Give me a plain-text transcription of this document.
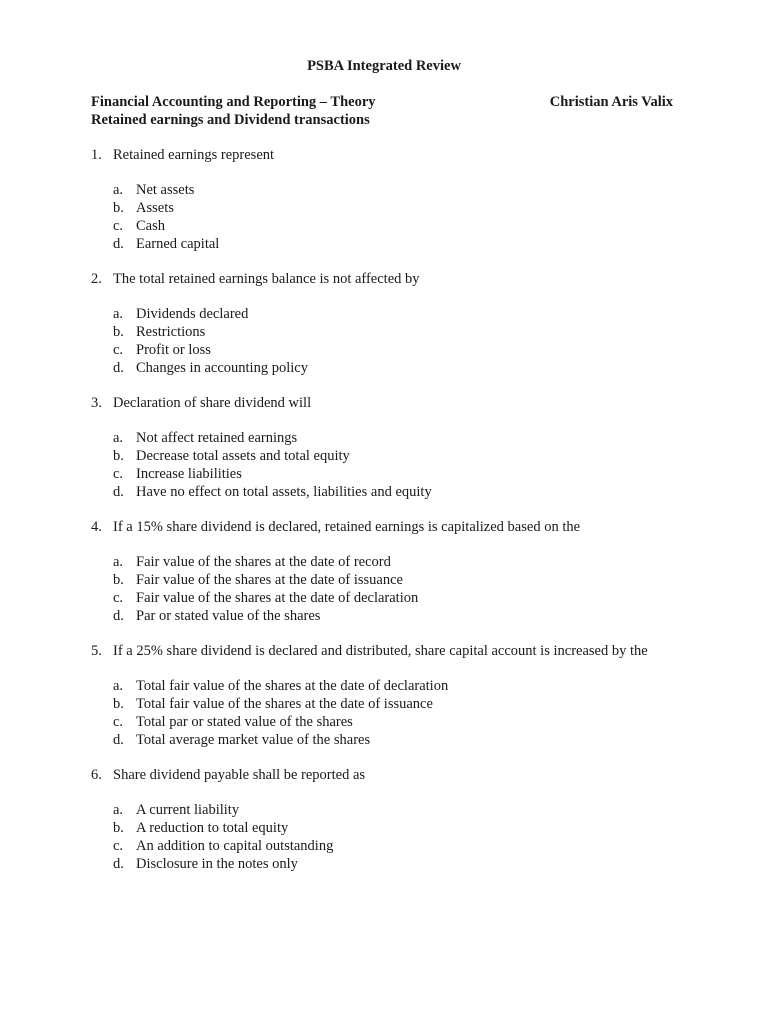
PSBA Integrated Review
Financial Accounting and Reporting – Theory	Christian Aris Valix
Retained earnings and Dividend transactions
1. Retained earnings represent
a. Net assets
b. Assets
c. Cash
d. Earned capital
2. The total retained earnings balance is not affected by
a. Dividends declared
b. Restrictions
c. Profit or loss
d. Changes in accounting policy
3. Declaration of share dividend will
a. Not affect retained earnings
b. Decrease total assets and total equity
c. Increase liabilities
d. Have no effect on total assets, liabilities and equity
4. If a 15% share dividend is declared, retained earnings is capitalized based on the
a. Fair value of the shares at the date of record
b. Fair value of the shares at the date of issuance
c. Fair value of the shares at the date of declaration
d. Par or stated value of the shares
5. If a 25% share dividend is declared and distributed, share capital account is increased by the
a. Total fair value of the shares at the date of declaration
b. Total fair value of the shares at the date of issuance
c. Total par or stated value of the shares
d. Total average market value of the shares
6. Share dividend payable shall be reported as
a. A current liability
b. A reduction to total equity
c. An addition to capital outstanding
d. Disclosure in the notes only
